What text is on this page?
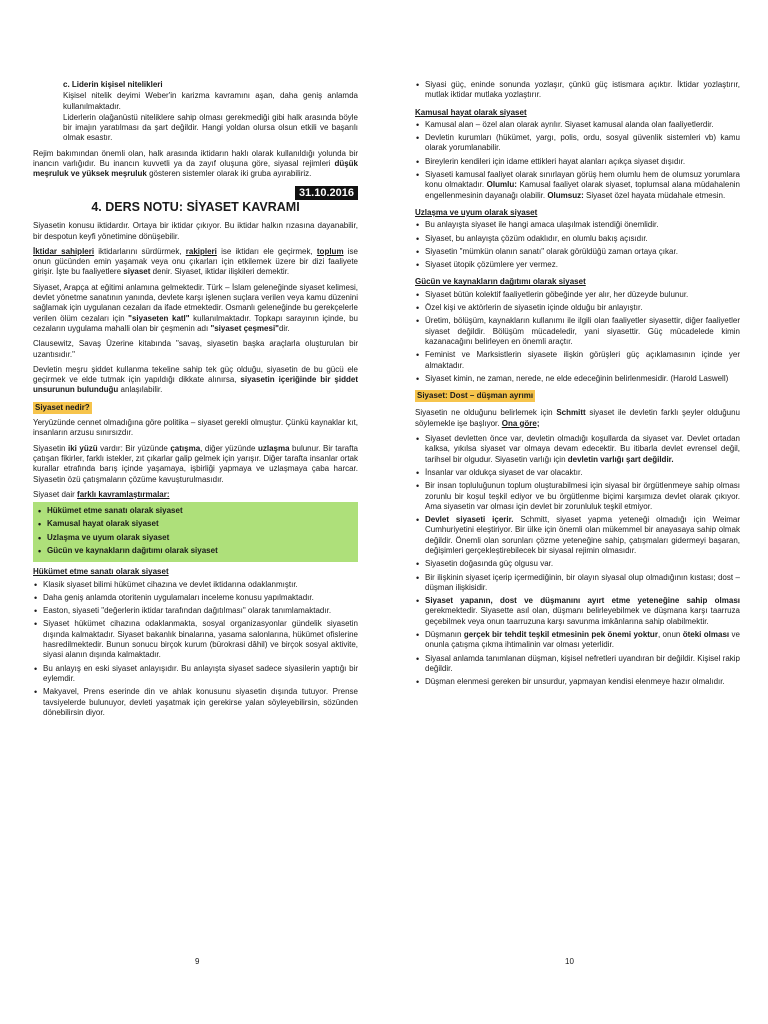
c. Liderin kişisel nitelikleri

Kişisel nitelik deyimi Weber'in karizma kavramını aşan, daha geniş anlamda kullanılmaktadır.

Liderlerin olağanüstü niteliklere sahip olması gerekmediği gibi halk arasında böyle bir imajın yaratılması da şart değildir. Hangi yoldan olursa olsun etkili ve başarılı olmak esastır.

Rejim bakımından önemli olan, halk arasında iktidarın haklı olarak kullanıldığı yolunda bir inancın varlığıdır. Bu inancın kuvvetli ya da zayıf oluşuna göre, siyasal rejimleri düşük meşruluk ve yüksek meşruluk gösteren sistemler olarak iki gruba ayırabiliriz.

31.10.2016
4. DERS NOTU: SİYASET KAVRAMI

Siyasetin konusu iktidardır. Ortaya bir iktidar çıkıyor. Bu iktidar halkın rızasına dayanabilir, bir despotun keyfi yönetimine dönüşebilir.

İktidar sahipleri iktidarlarını sürdürmek, rakipleri ise iktidarı ele geçirmek, toplum ise onun gücünden emin yaşamak veya onu çıkarları için etkilemek üzere bir dizi faaliyete girişir. İşte bu faaliyetlere siyaset denir. Siyaset, iktidar ilişkileri demektir.

Siyaset, Arapça at eğitimi anlamına gelmektedir. Türk – İslam geleneğinde siyaset kelimesi, devlet yönetme sanatının yanında, devlete karşı işlenen suçlara verilen veya kamu düzenini sağlamak için uygulanan cezaları da ifade etmektedir. Osmanlı geleneğinde bu gerekçelerle verilen ölüm cezaları için "siyaseten katl" kullanılmaktadır. Topkapı sarayının içinde, bu cezaların uygulama mahalli olan bir çeşmenin adı "siyaset çeşmesi"dir.

Clausewitz, Savaş Üzerine kitabında "savaş, siyasetin başka araçlarla oluşturulan bir uzantısıdır."

Devletin meşru şiddet kullanma tekeline sahip tek güç olduğu, siyasetin de bu gücü ele geçirmek ve elde tutmak için yapıldığı dikkate alınırsa, siyasetin içeriğinde bir şiddet unsurunun bulunduğu anlaşılabilir.

Siyaset nedir?

Yeryüzünde cennet olmadığına göre politika – siyaset gerekli olmuştur. Çünkü kaynaklar kıt, insanların arzusu sınırsızdır.

Siyasetin iki yüzü vardır: Bir yüzünde çatışma, diğer yüzünde uzlaşma bulunur. Bir tarafta çatışan fikirler, farklı istekler, zıt çıkarlar galip gelmek için yarışır. Diğer tarafta insanlar ortak kurallar etrafında barış içinde yaşamaya, işbirliği yapmaya ve uzlaşmaya çaba harcar. Siyasetin özü çatışmaların çözüme kavuşturulmasıdır.

Siyaset dair farklı kavramlaştırmalar:

• Hükümet etme sanatı olarak siyaset
• Kamusal hayat olarak siyaset
• Uzlaşma ve uyum olarak siyaset
• Gücün ve kaynakların dağıtımı olarak siyaset
Hükümet etme sanatı olarak siyaset
• Klasik siyaset bilimi hükümet cihazına ve devlet iktidarına odaklanmıştır.
• Daha geniş anlamda otoritenin uygulamaları inceleme konusu yapılmaktadır.
• Easton, siyaseti "değerlerin iktidar tarafından dağıtılması" olarak tanımlamaktadır.
• Siyaset hükümet cihazına odaklanmakta, sosyal organizasyonlar gündelik siyasetin dışında kalmaktadır. Siyaset bakanlık binalarına, yasama salonlarına, hükümet ofislerine hasredilmektedir. Bunun sonucu birçok kurum (bürokrasi dâhil) ve birçok sosyal aktivite, siyasi alanın dışında kalmaktadır.
• Bu anlayış en eski siyaset anlayışıdır. Bu anlayışta siyaset sadece siyasilerin yaptığı bir eylemdir.
• Makyavel, Prens eserinde din ve ahlak konusunu siyasetin dışında tutuyor. Prense tavsiyelerde bulunuyor, devleti yaşatmak için gerekirse yalan söyleyebilirsin, sözünden dönebilirsin diyor.
9
• Siyasi güç, eninde sonunda yozlaşır, çünkü güç istismara açıktır. İktidar yozlaştırır, mutlak iktidar mutlaka yozlaştırır.
Kamusal hayat olarak siyaset
• Kamusal alan – özel alan olarak ayrılır. Siyaset kamusal alanda olan faaliyetlerdir.
• Devletin kurumları (hükümet, yargı, polis, ordu, sosyal güvenlik sistemleri vb) kamu olarak yorumlanabilir.
• Bireylerin kendileri için idame ettikleri hayat alanları açıkça siyaset dışıdır.
• Siyaseti kamusal faaliyet olarak sınırlayan görüş hem olumlu hem de olumsuz yorumlara konu olmaktadır. Olumlu: Kamusal faaliyet olarak siyaset, toplumsal alana müdahalenin engellenmesinin dayanağı olabilir. Olumsuz: Siyaset özel hayata müdahale etmesin.
Uzlaşma ve uyum olarak siyaset
• Bu anlayışta siyaset ile hangi amaca ulaşılmak istendiği önemlidir.
• Siyaset, bu anlayışta çözüm odaklıdır, en olumlu bakış açısıdır.
• Siyasetin "mümkün olanın sanatı" olarak görüldüğü zaman ortaya çıkar.
• Siyaset ütopik çözümlere yer vermez.
Gücün ve kaynakların dağıtımı olarak siyaset
• Siyaset bütün kolektif faaliyetlerin göbeğinde yer alır, her düzeyde bulunur.
• Özel kişi ve aktörlerin de siyasetin içinde olduğu bir anlayıştır.
• Üretim, bölüşüm, kaynakların kullanımı ile ilgili olan faaliyetler siyasettir, diğer faaliyetler siyaset değildir. Bölüşüm mücadeledir, yani siyasettir. Güç mücadelede kimin kazanacağını belirleyen en önemli araçtır.
• Feminist ve Marksistlerin siyasete ilişkin görüşleri güç açıklamasının içinde yer almaktadır.
• Siyaset kimin, ne zaman, nerede, ne elde edeceğinin belirlenmesidir. (Harold Laswell)

Siyaset: Dost – düşman ayrımı

Siyasetin ne olduğunu belirlemek için Schmitt siyaset ile devletin farklı şeyler olduğunu söylemekle işe başlıyor. Ona göre;

• Siyaset devletten önce var, devletin olmadığı koşullarda da siyaset var. Devlet ortadan kalksa, yıkılsa siyaset var olmaya devam edecektir. Bu itibarla devlet evrensel değil, tarihsel bir olgudur. Siyasetin varlığı için devletin varlığı şart değildir.
• İnsanlar var oldukça siyaset de var olacaktır.
• Bir insan topluluğunun toplum oluşturabilmesi için siyasal bir örgütlenmeye sahip olması zorunlu bir koşul teşkil ediyor ve bu örgütlenme biçimi karşımıza devlet olarak çıkıyor. Ama siyasetin var olması için devlet bir zorunluluk teşkil etmiyor.
• Devlet siyaseti içerir. Schmitt, siyaset yapma yeteneği olmadığı için Weimar Cumhuriyetini eleştiriyor. Bir ülke için önemli olan mükemmel bir anayasaya sahip olmak değildir. Önemli olan sorunları çözme yeteneğine sahip, çatışmaları gidermeyi başaran, değişimleri gerçekleştirebilecek bir siyasal rejimin olmasıdır.
• Siyasetin doğasında güç olgusu var.
• Bir ilişkinin siyaset içerip içermediğinin, bir olayın siyasal olup olmadığının kıstası; dost – düşman ilişkisidir.
• Siyaset yapanın, dost ve düşmanını ayırt etme yeteneğine sahip olması gerekmektedir. Siyasette asıl olan, düşmanı belirleyebilmek ve düşmana karşı taarruza geçebilmek veya onun taarruzuna karşı savunma imkânlarına sahip olabilmektir.
• Düşmanın gerçek bir tehdit teşkil etmesinin pek önemi yoktur, onun öteki olması ve onunla çatışma çıkma ihtimalinin var olması yeterlidir.
• Siyasal anlamda tanımlanan düşman, kişisel nefretleri uyandıran bir değildir. Kişisel rakip değildir.
• Düşman elenmesi gereken bir unsurdur, yapmayan kendisi elenmeye hazır olmalıdır.
10
